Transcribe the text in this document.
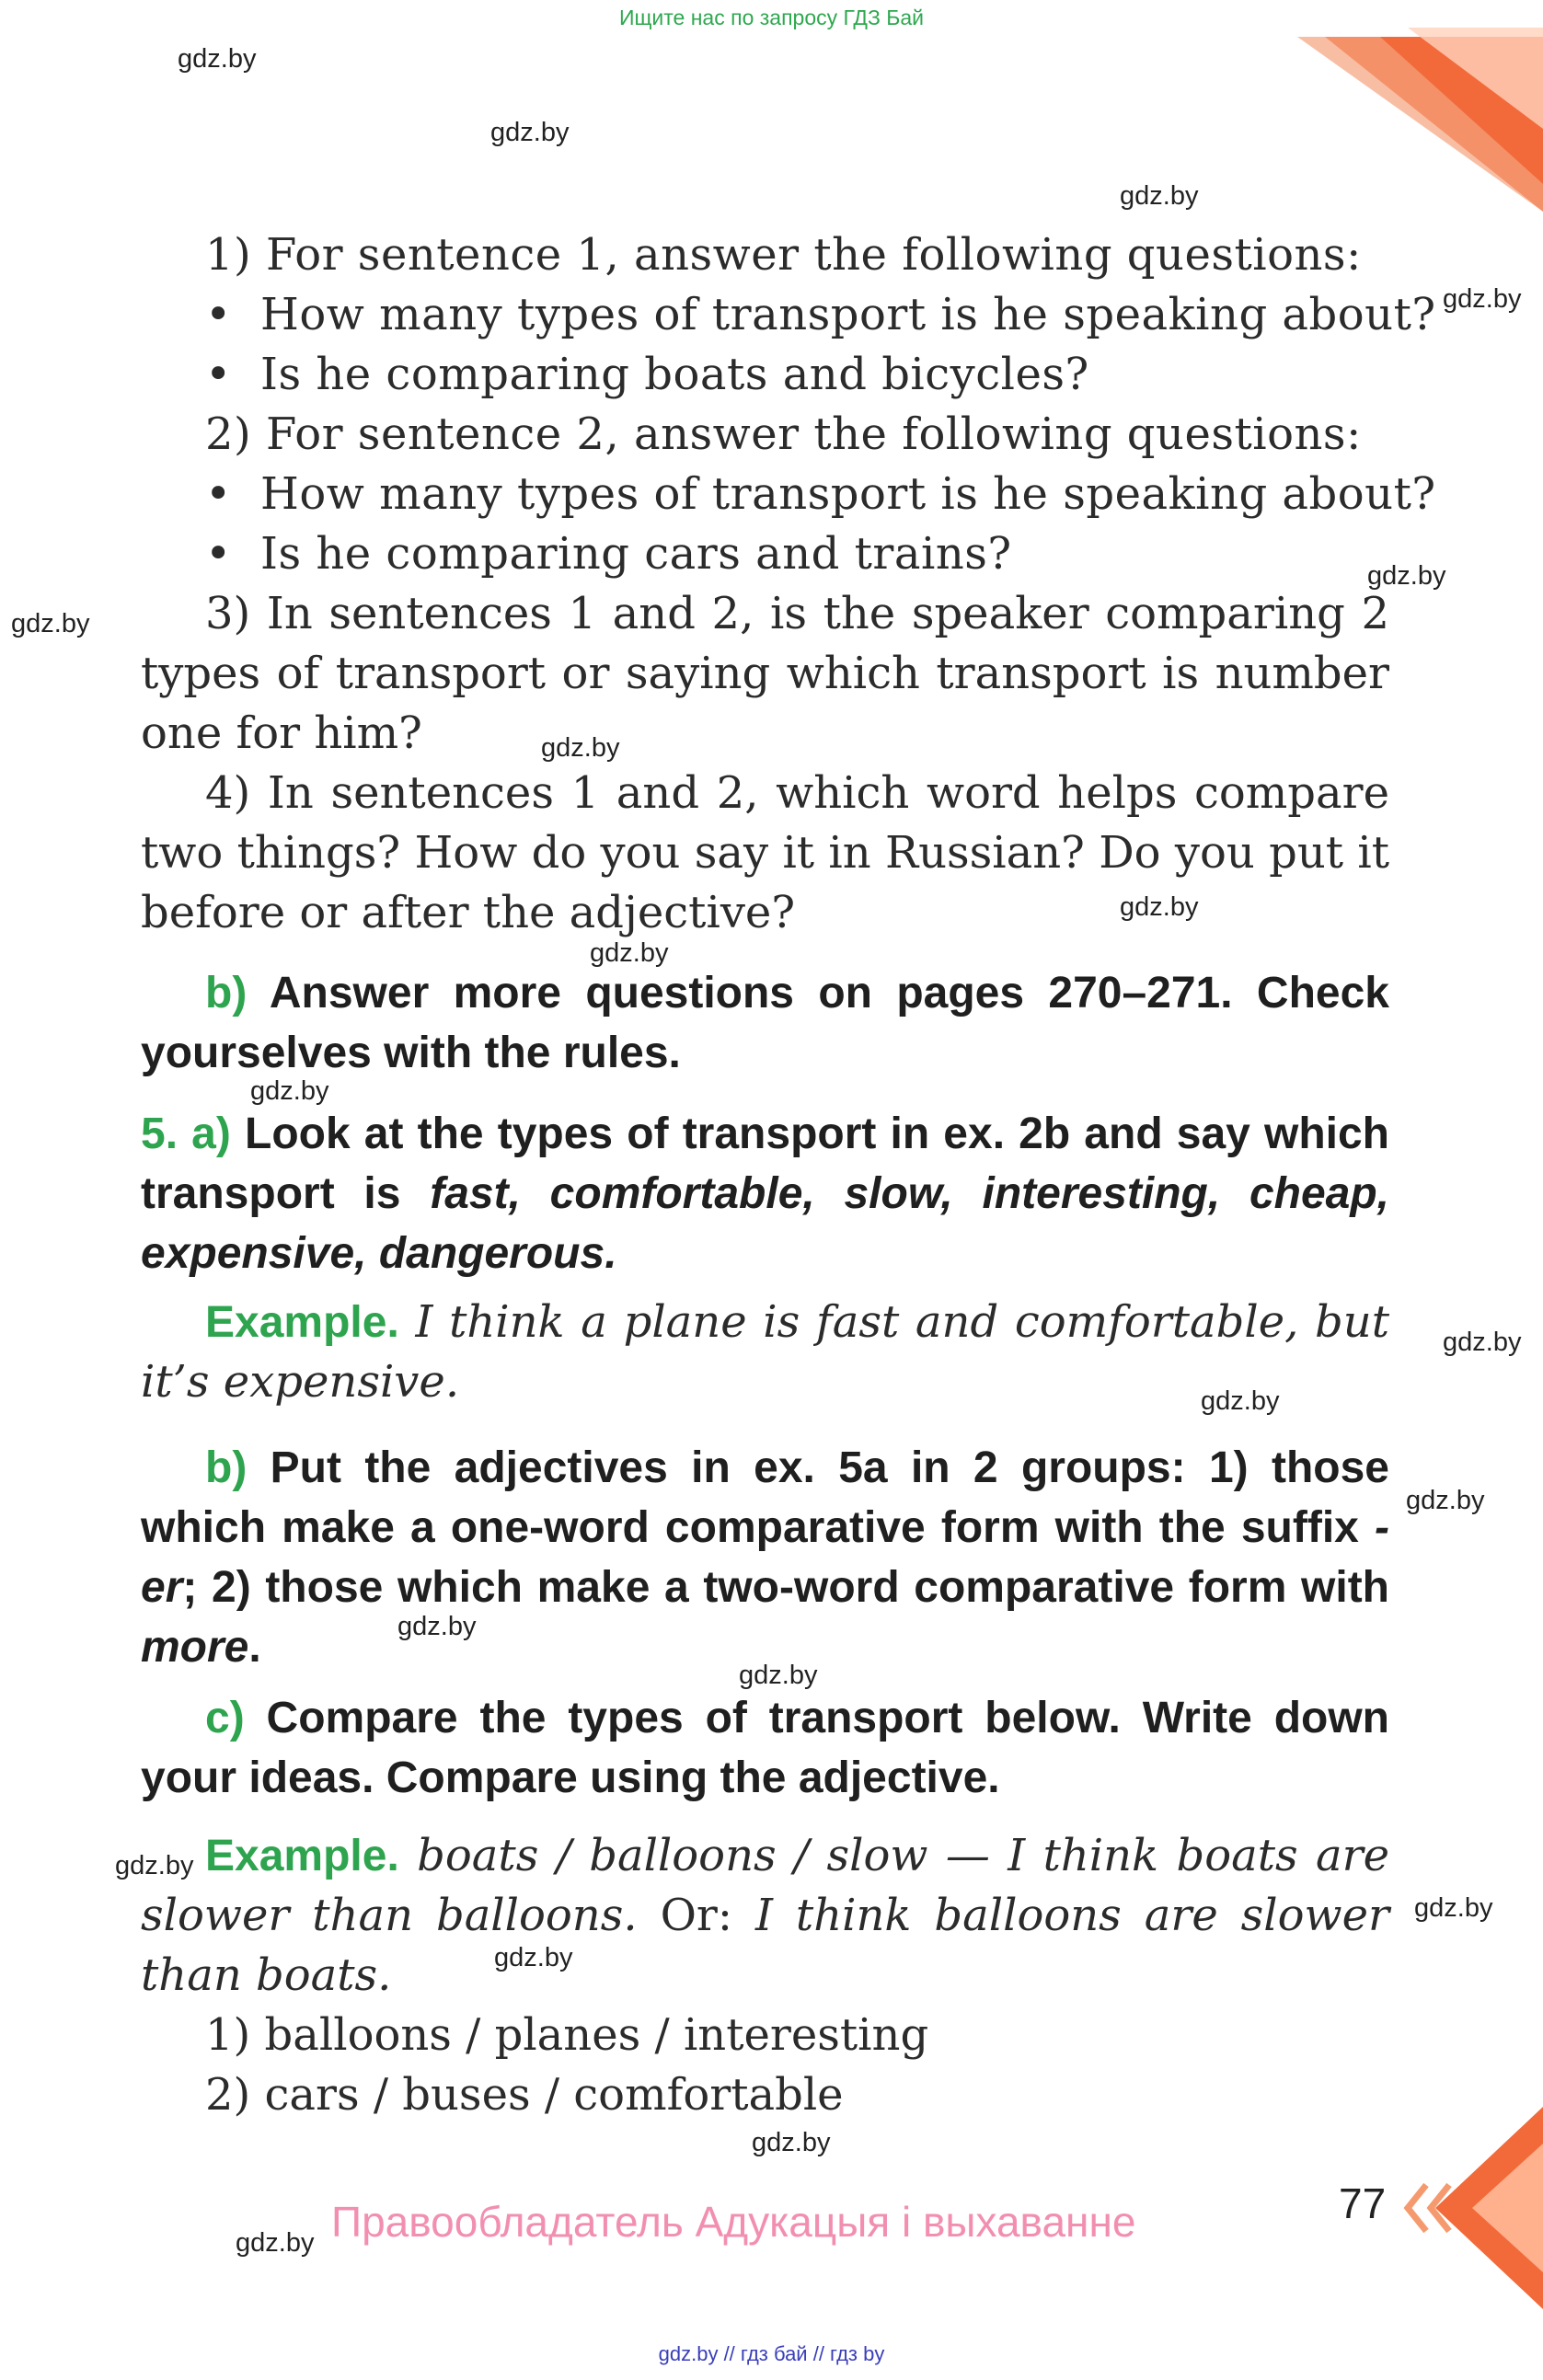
Ищите нас по запросу ГДЗ Бай
gdz.by
gdz.by
gdz.by
gdz.by
gdz.by
gdz.by
gdz.by
gdz.by
gdz.by
gdz.by
gdz.by
gdz.by
gdz.by
gdz.by
gdz.by
gdz.by
gdz.by
gdz.by
gdz.by
gdz.by
1) For sentence 1, answer the following questions:
• How many types of transport is he speaking about?
• Is he comparing boats and bicycles?
2) For sentence 2, answer the following questions:
• How many types of transport is he speaking about?
• Is he comparing cars and trains?
3) In sentences 1 and 2, is the speaker comparing 2 types of transport or saying which transport is number one for him?
4) In sentences 1 and 2, which word helps compare two things? How do you say it in Russian? Do you put it before or after the adjective?
b) Answer more questions on pages 270–271. Check yourselves with the rules.
5. a) Look at the types of transport in ex. 2b and say which transport is fast, comfortable, slow, interesting, cheap, expensive, dangerous.
Example. I think a plane is fast and comfortable, but it’s expensive.
b) Put the adjectives in ex. 5a in 2 groups: 1) those which make a one-word comparative form with the suffix -er; 2) those which make a two-word comparative form with more.
c) Compare the types of transport below. Write down your ideas. Compare using the adjective.
Example. boats / balloons / slow — I think boats are slower than balloons. Or: I think balloons are slower than boats.
1) balloons / planes / interesting
2) cars / buses / comfortable
77
Правообладатель Адукацыя і выхаванне
gdz.by // гдз бай // гдз by
